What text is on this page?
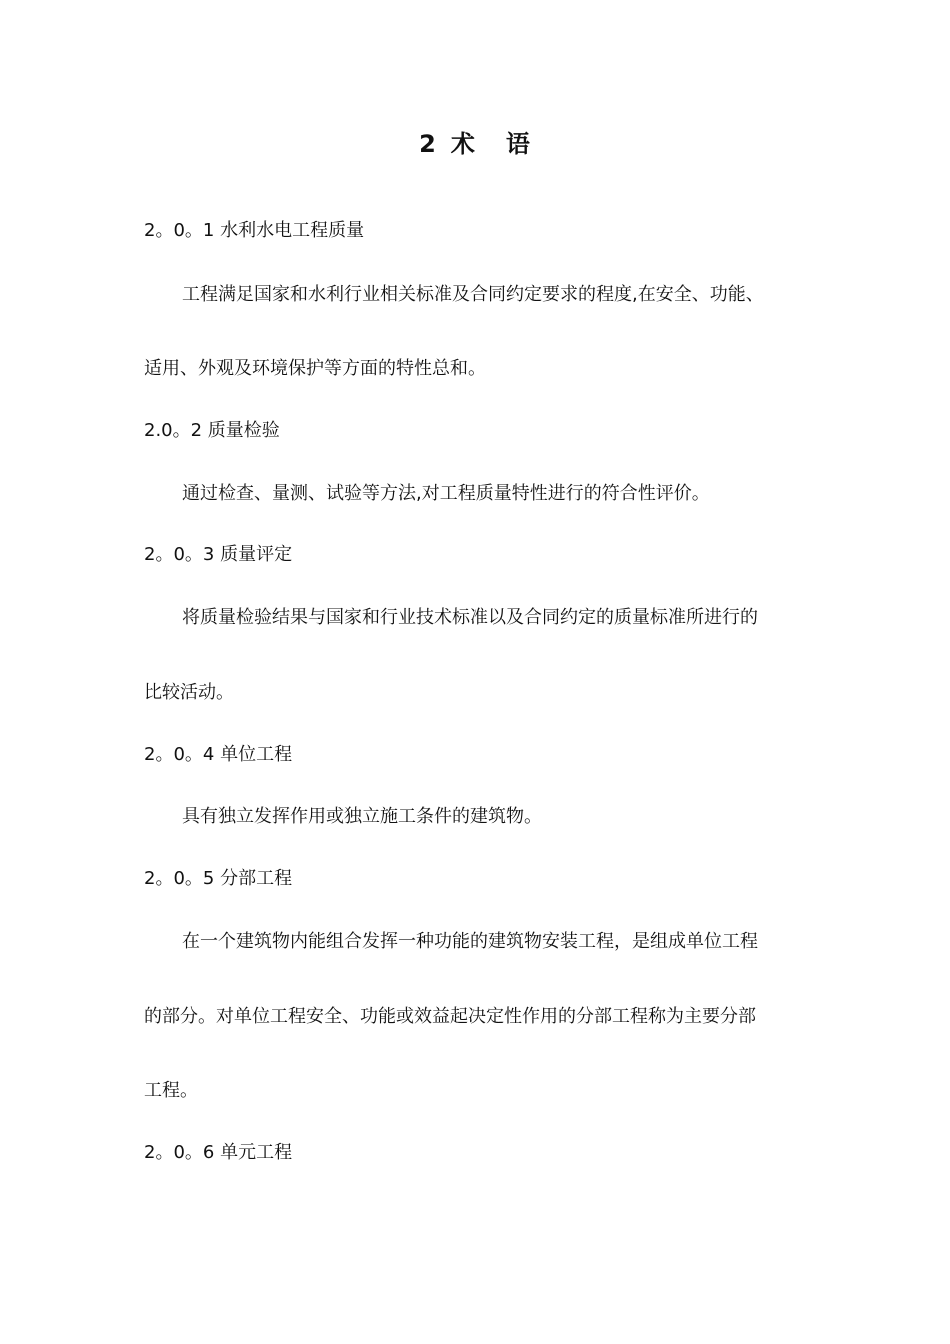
2 术 语
2。0。1 水利水电工程质量
工程满足国家和水利行业相关标准及合同约定要求的程度,在安全、功能、
适用、外观及环境保护等方面的特性总和。
2.0。2 质量检验
通过检查、量测、试验等方法,对工程质量特性进行的符合性评价。
2。0。3 质量评定
将质量检验结果与国家和行业技术标准以及合同约定的质量标准所进行的
比较活动。
2。0。4 单位工程
具有独立发挥作用或独立施工条件的建筑物。
2。0。5 分部工程
在一个建筑物内能组合发挥一种功能的建筑物安装工程，是组成单位工程
的部分。对单位工程安全、功能或效益起决定性作用的分部工程称为主要分部
工程。
2。0。6 单元工程
